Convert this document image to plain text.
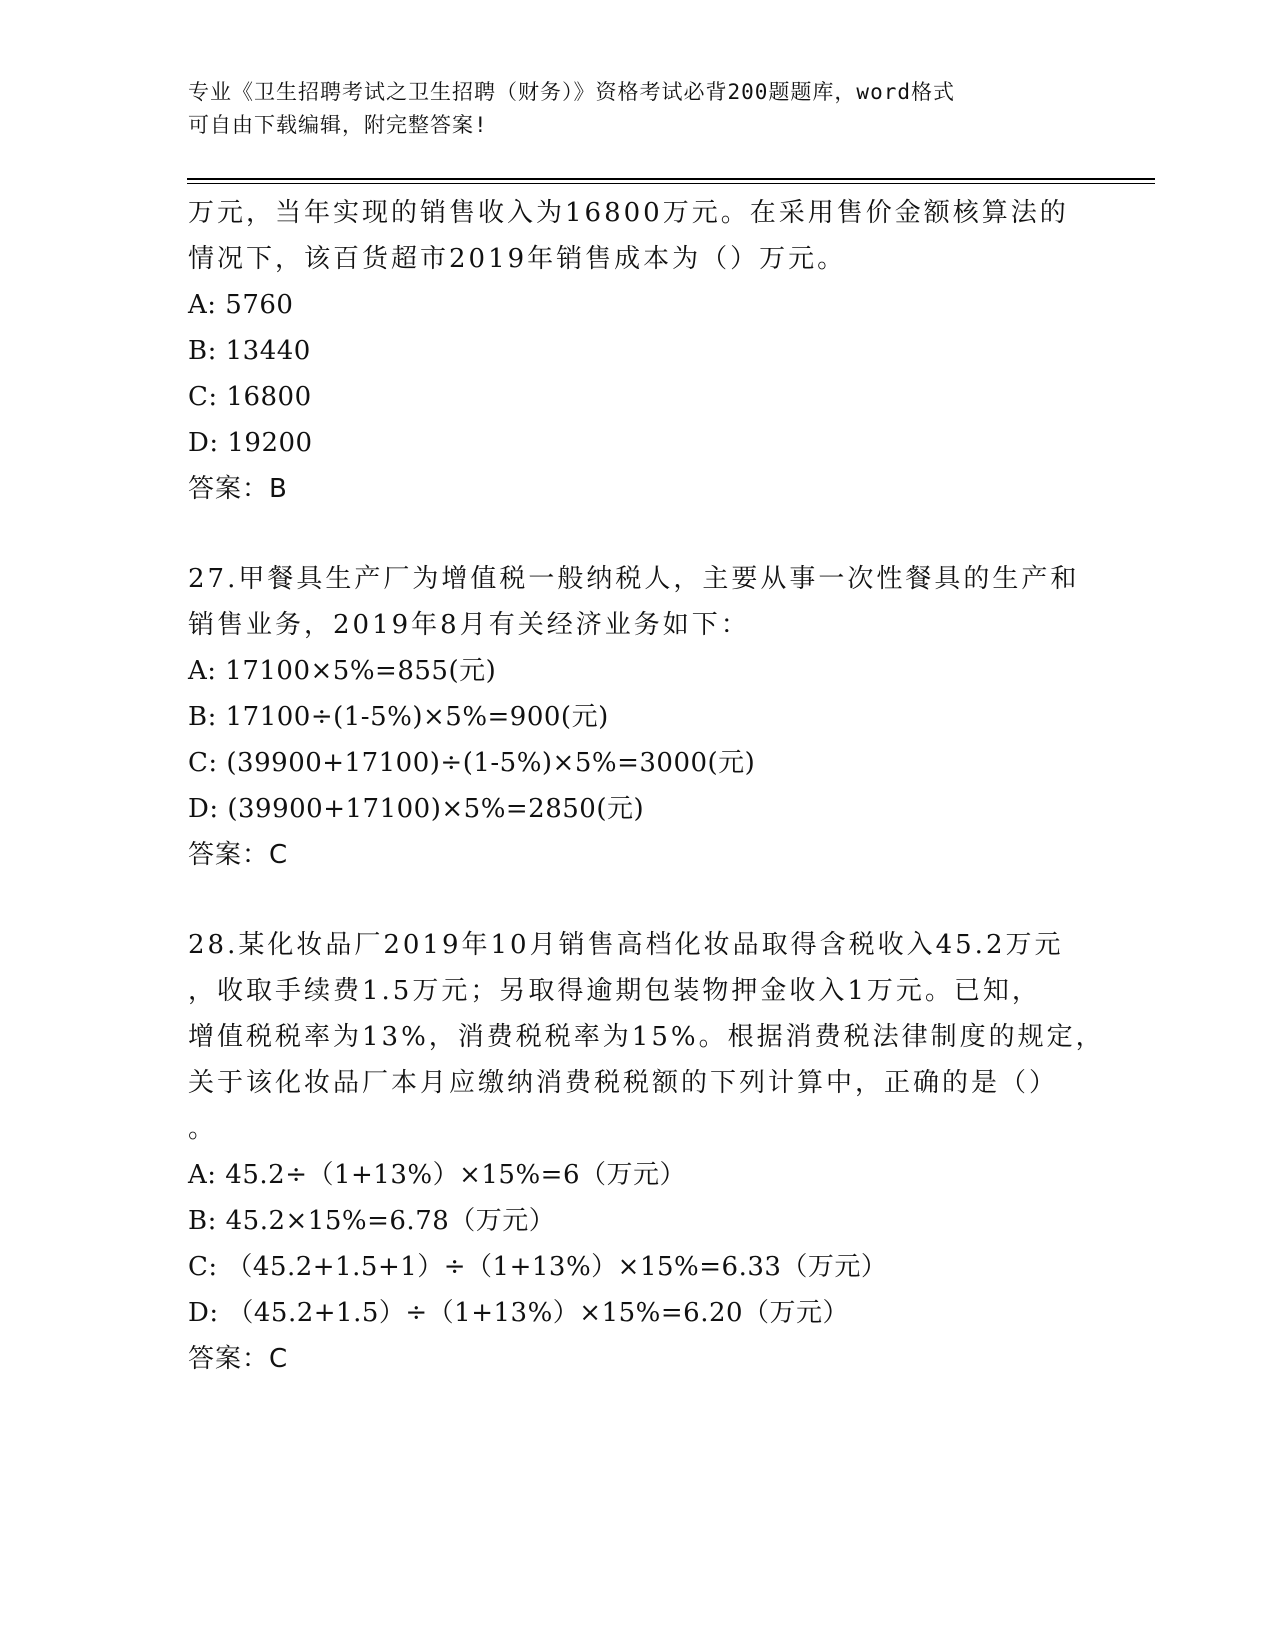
专业《卫生招聘考试之卫生招聘（财务）》资格考试必背200题题库，word格式
可自由下载编辑，附完整答案!
万元，当年实现的销售收入为16800万元。在采用售价金额核算法的
情况下，该百货超市2019年销售成本为（）万元。
A: 5760
B: 13440
C: 16800
D: 19200
答案：B
27.甲餐具生产厂为增值税一般纳税人，主要从事一次性餐具的生产和
销售业务，2019年8月有关经济业务如下：
A: 17100×5%=855(元)
B: 17100÷(1-5%)×5%=900(元)
C: (39900+17100)÷(1-5%)×5%=3000(元)
D: (39900+17100)×5%=2850(元)
答案：C
28.某化妆品厂2019年10月销售高档化妆品取得含税收入45.2万元
，收取手续费1.5万元；另取得逾期包装物押金收入1万元。已知，
增值税税率为13%，消费税税率为15%。根据消费税法律制度的规定，
关于该化妆品厂本月应缴纳消费税税额的下列计算中，正确的是（）
。
A: 45.2÷（1+13%）×15%=6（万元）
B: 45.2×15%=6.78（万元）
C: （45.2+1.5+1）÷（1+13%）×15%=6.33（万元）
D: （45.2+1.5）÷（1+13%）×15%=6.20（万元）
答案：C
